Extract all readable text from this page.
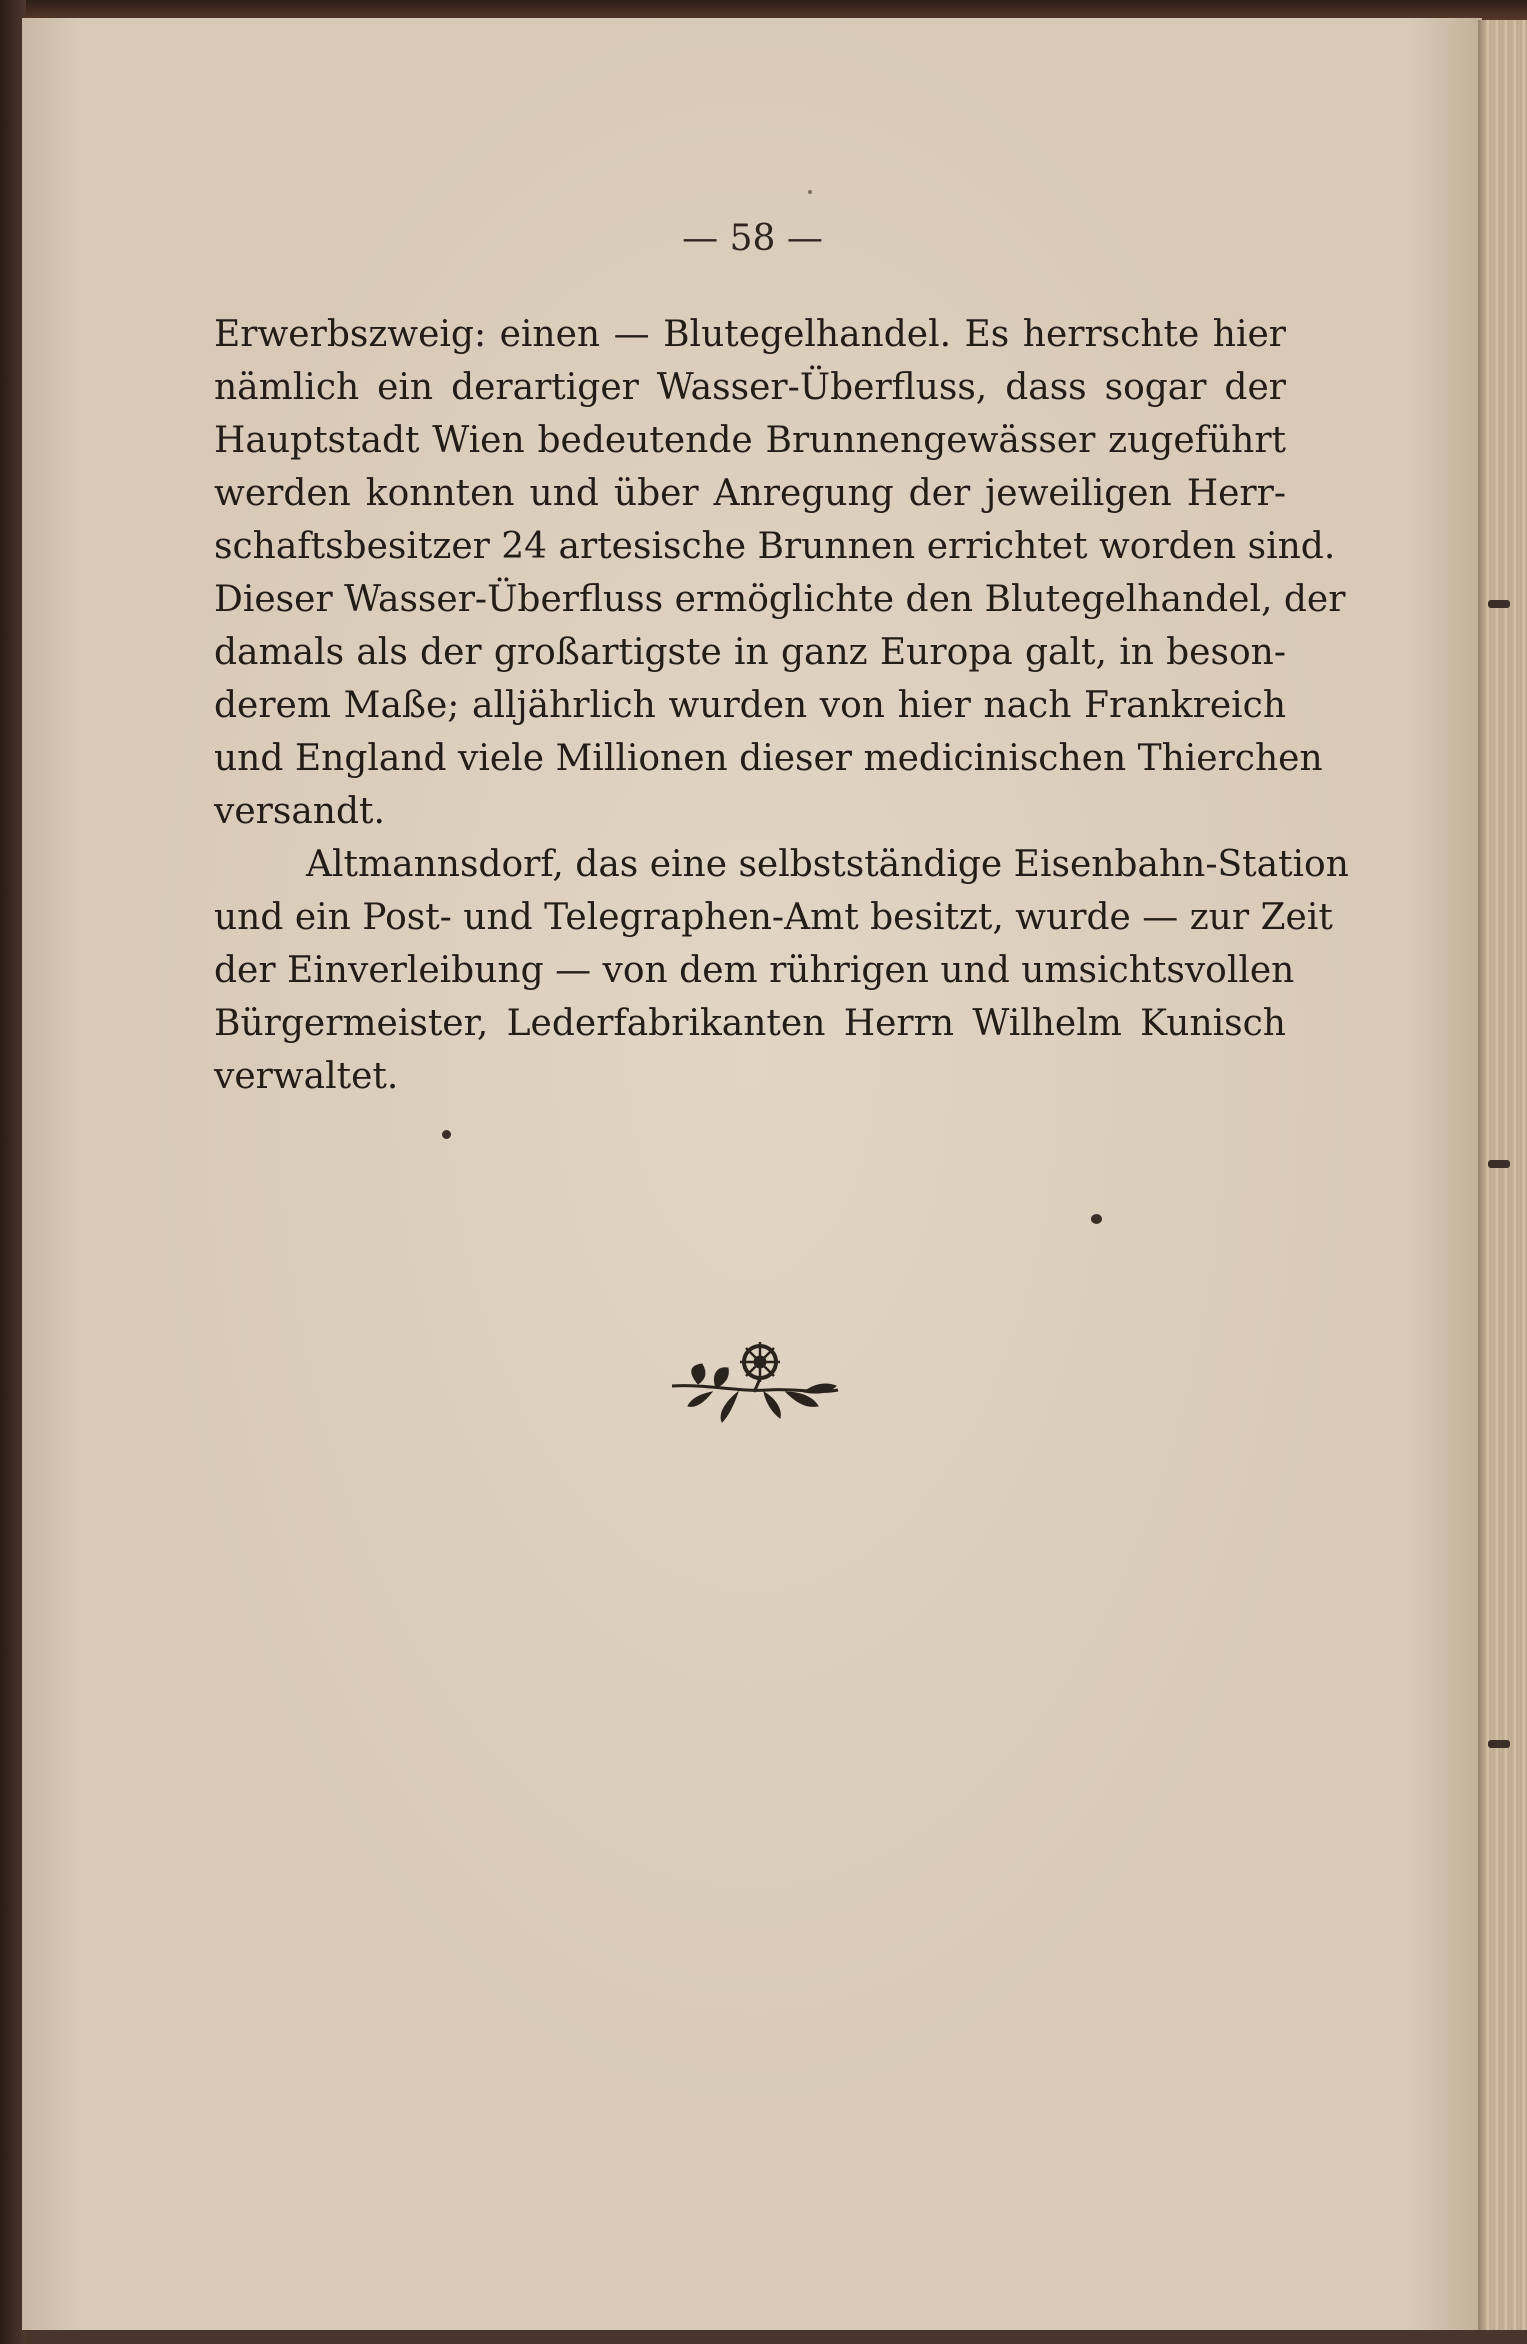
— 58 —
Erwerbszweig: einen — Blutegelhandel. Es herrschte hier
nämlich ein derartiger Wasser-Überfluss, dass sogar der
Hauptstadt Wien bedeutende Brunnengewässer zugeführt
werden konnten und über Anregung der jeweiligen Herr-
schaftsbesitzer 24 artesische Brunnen errichtet worden sind.
Dieser Wasser-Überfluss ermöglichte den Blutegelhandel, der
damals als der großartigste in ganz Europa galt, in beson-
derem Maße; alljährlich wurden von hier nach Frankreich
und England viele Millionen dieser medicinischen Thierchen
versandt.
Altmannsdorf, das eine selbstständige Eisenbahn-Station
und ein Post- und Telegraphen-Amt besitzt, wurde — zur Zeit
der Einverleibung — von dem rührigen und umsichtsvollen
Bürgermeister, Lederfabrikanten Herrn Wilhelm Kunisch
verwaltet.
